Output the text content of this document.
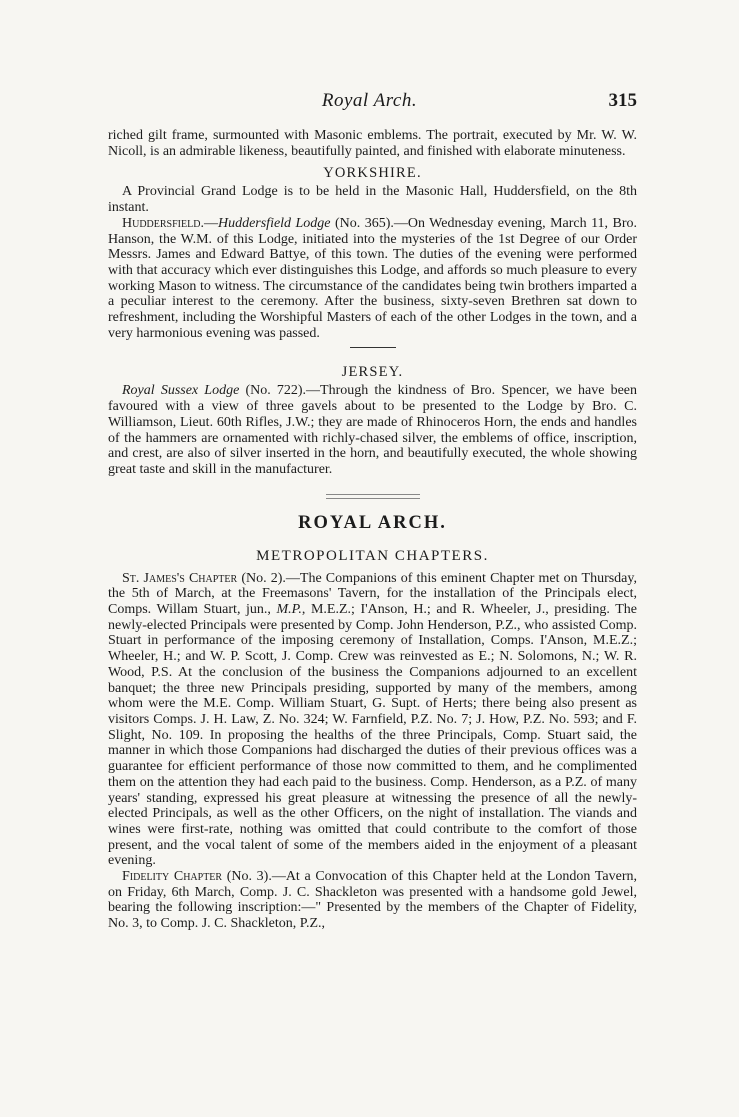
Royal Arch.	315

riched gilt frame, surmounted with Masonic emblems. The portrait, executed by Mr. W. W. Nicoll, is an admirable likeness, beautifully painted, and finished with elaborate minuteness.

YORKSHIRE.

A Provincial Grand Lodge is to be held in the Masonic Hall, Huddersfield, on the 8th instant.

Huddersfield.—Huddersfield Lodge (No. 365).—On Wednesday evening, March 11, Bro. Hanson, the W.M. of this Lodge, initiated into the mysteries of the 1st Degree of our Order Messrs. James and Edward Battye, of this town. The duties of the evening were performed with that accuracy which ever distinguishes this Lodge, and affords so much pleasure to every working Mason to witness. The circumstance of the candidates being twin brothers imparted a a peculiar interest to the ceremony. After the business, sixty-seven Brethren sat down to refreshment, including the Worshipful Masters of each of the other Lodges in the town, and a very harmonious evening was passed.

JERSEY.

Royal Sussex Lodge (No. 722).—Through the kindness of Bro. Spencer, we have been favoured with a view of three gavels about to be presented to the Lodge by Bro. C. Williamson, Lieut. 60th Rifles, J.W.; they are made of Rhinoceros Horn, the ends and handles of the hammers are ornamented with richly-chased silver, the emblems of office, inscription, and crest, are also of silver inserted in the horn, and beautifully executed, the whole showing great taste and skill in the manufacturer.

ROYAL ARCH.
METROPOLITAN CHAPTERS.

St. James's Chapter (No. 2).—The Companions of this eminent Chapter met on Thursday, the 5th of March, at the Freemasons' Tavern, for the installation of the Principals elect, Comps. Willam Stuart, jun., M.P., M.E.Z.; I'Anson, H.; and R. Wheeler, J., presiding. The newly-elected Principals were presented by Comp. John Henderson, P.Z., who assisted Comp. Stuart in performance of the imposing ceremony of Installation, Comps. I'Anson, M.E.Z.; Wheeler, H.; and W. P. Scott, J. Comp. Crew was reinvested as E.; N. Solomons, N.; W. R. Wood, P.S. At the conclusion of the business the Companions adjourned to an excellent banquet; the three new Principals presiding, supported by many of the members, among whom were the M.E. Comp. William Stuart, G. Supt. of Herts; there being also present as visitors Comps. J. H. Law, Z. No. 324; W. Farnfield, P.Z. No. 7; J. How, P.Z. No. 593; and F. Slight, No. 109. In proposing the healths of the three Principals, Comp. Stuart said, the manner in which those Companions had discharged the duties of their previous offices was a guarantee for efficient performance of those now committed to them, and he complimented them on the attention they had each paid to the business. Comp. Henderson, as a P.Z. of many years' standing, expressed his great pleasure at witnessing the presence of all the newly-elected Principals, as well as the other Officers, on the night of installation. The viands and wines were first-rate, nothing was omitted that could contribute to the comfort of those present, and the vocal talent of some of the members aided in the enjoyment of a pleasant evening.

Fidelity Chapter (No. 3).—At a Convocation of this Chapter held at the London Tavern, on Friday, 6th March, Comp. J. C. Shackleton was presented with a handsome gold Jewel, bearing the following inscription:—" Presented by the members of the Chapter of Fidelity, No. 3, to Comp. J. C. Shackleton, P.Z.,
